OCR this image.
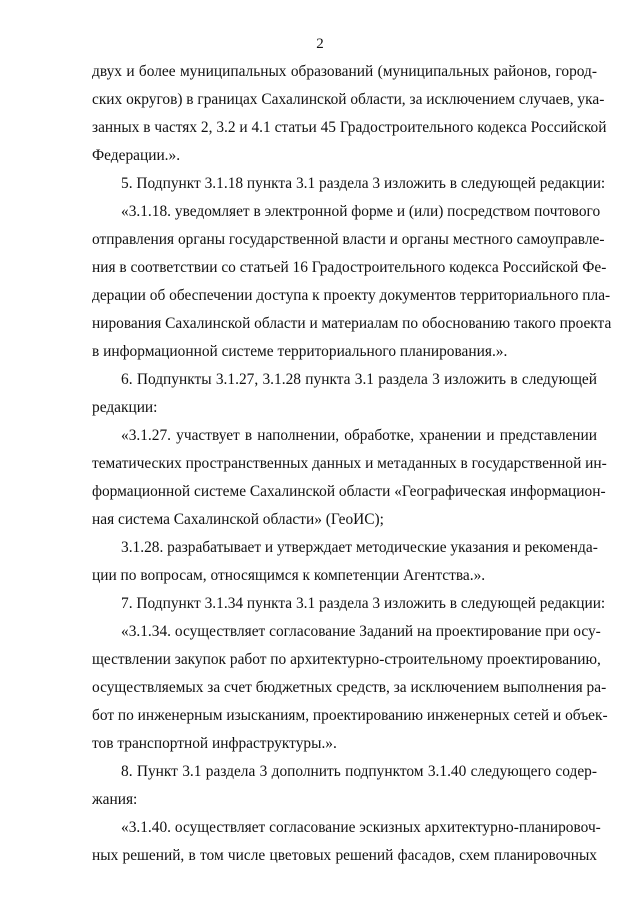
2
двух и более муниципальных образований (муниципальных районов, город-
ских округов) в границах Сахалинской области, за исключением случаев, ука-
занных в частях 2, 3.2 и 4.1 статьи 45 Градостроительного кодекса Российской
Федерации.».
5. Подпункт 3.1.18 пункта 3.1 раздела 3 изложить в следующей редакции:
«3.1.18. уведомляет в электронной форме и (или) посредством почтового
отправления органы государственной власти и органы местного самоуправле-
ния в соответствии со статьей 16 Градостроительного кодекса Российской Фе-
дерации об обеспечении доступа к проекту документов территориального пла-
нирования Сахалинской области и материалам по обоснованию такого проекта
в информационной системе территориального планирования.».
6. Подпункты 3.1.27, 3.1.28 пункта 3.1 раздела 3 изложить в следующей
редакции:
«3.1.27. участвует в наполнении, обработке, хранении и представлении
тематических пространственных данных и метаданных в государственной ин-
формационной системе Сахалинской области «Географическая информацион-
ная система Сахалинской области» (ГеоИС);
3.1.28. разрабатывает и утверждает методические указания и рекоменда-
ции по вопросам, относящимся к компетенции Агентства.».
7. Подпункт 3.1.34 пункта 3.1 раздела 3 изложить в следующей редакции:
«3.1.34. осуществляет согласование Заданий на проектирование при осу-
ществлении закупок работ по архитектурно-строительному проектированию,
осуществляемых за счет бюджетных средств, за исключением выполнения ра-
бот по инженерным изысканиям, проектированию инженерных сетей и объек-
тов транспортной инфраструктуры.».
8. Пункт 3.1 раздела 3 дополнить подпунктом 3.1.40 следующего содер-
жания:
«3.1.40. осуществляет согласование эскизных архитектурно-планировоч-
ных решений, в том числе цветовых решений фасадов, схем планировочных
